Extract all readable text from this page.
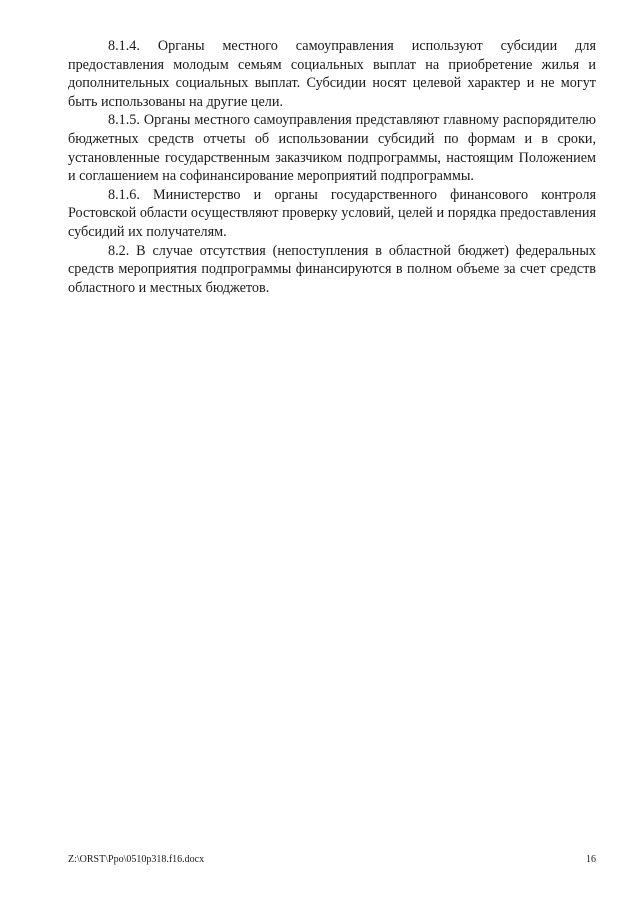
8.1.4. Органы местного самоуправления используют субсидии для предоставления молодым семьям социальных выплат на приобретение жилья и дополнительных социальных выплат. Субсидии носят целевой характер и не могут быть использованы на другие цели.

8.1.5. Органы местного самоуправления представляют главному распорядителю бюджетных средств отчеты об использовании субсидий по формам и в сроки, установленные государственным заказчиком подпрограммы, настоящим Положением и соглашением на софинансирование мероприятий подпрограммы.

8.1.6. Министерство и органы государственного финансового контроля Ростовской области осуществляют проверку условий, целей и порядка предоставления субсидий их получателям.

8.2. В случае отсутствия (непоступления в областной бюджет) федеральных средств мероприятия подпрограммы финансируются в полном объеме за счет средств областного и местных бюджетов.

Z:\ORST\Ppo\0510p318.f16.docx	16
